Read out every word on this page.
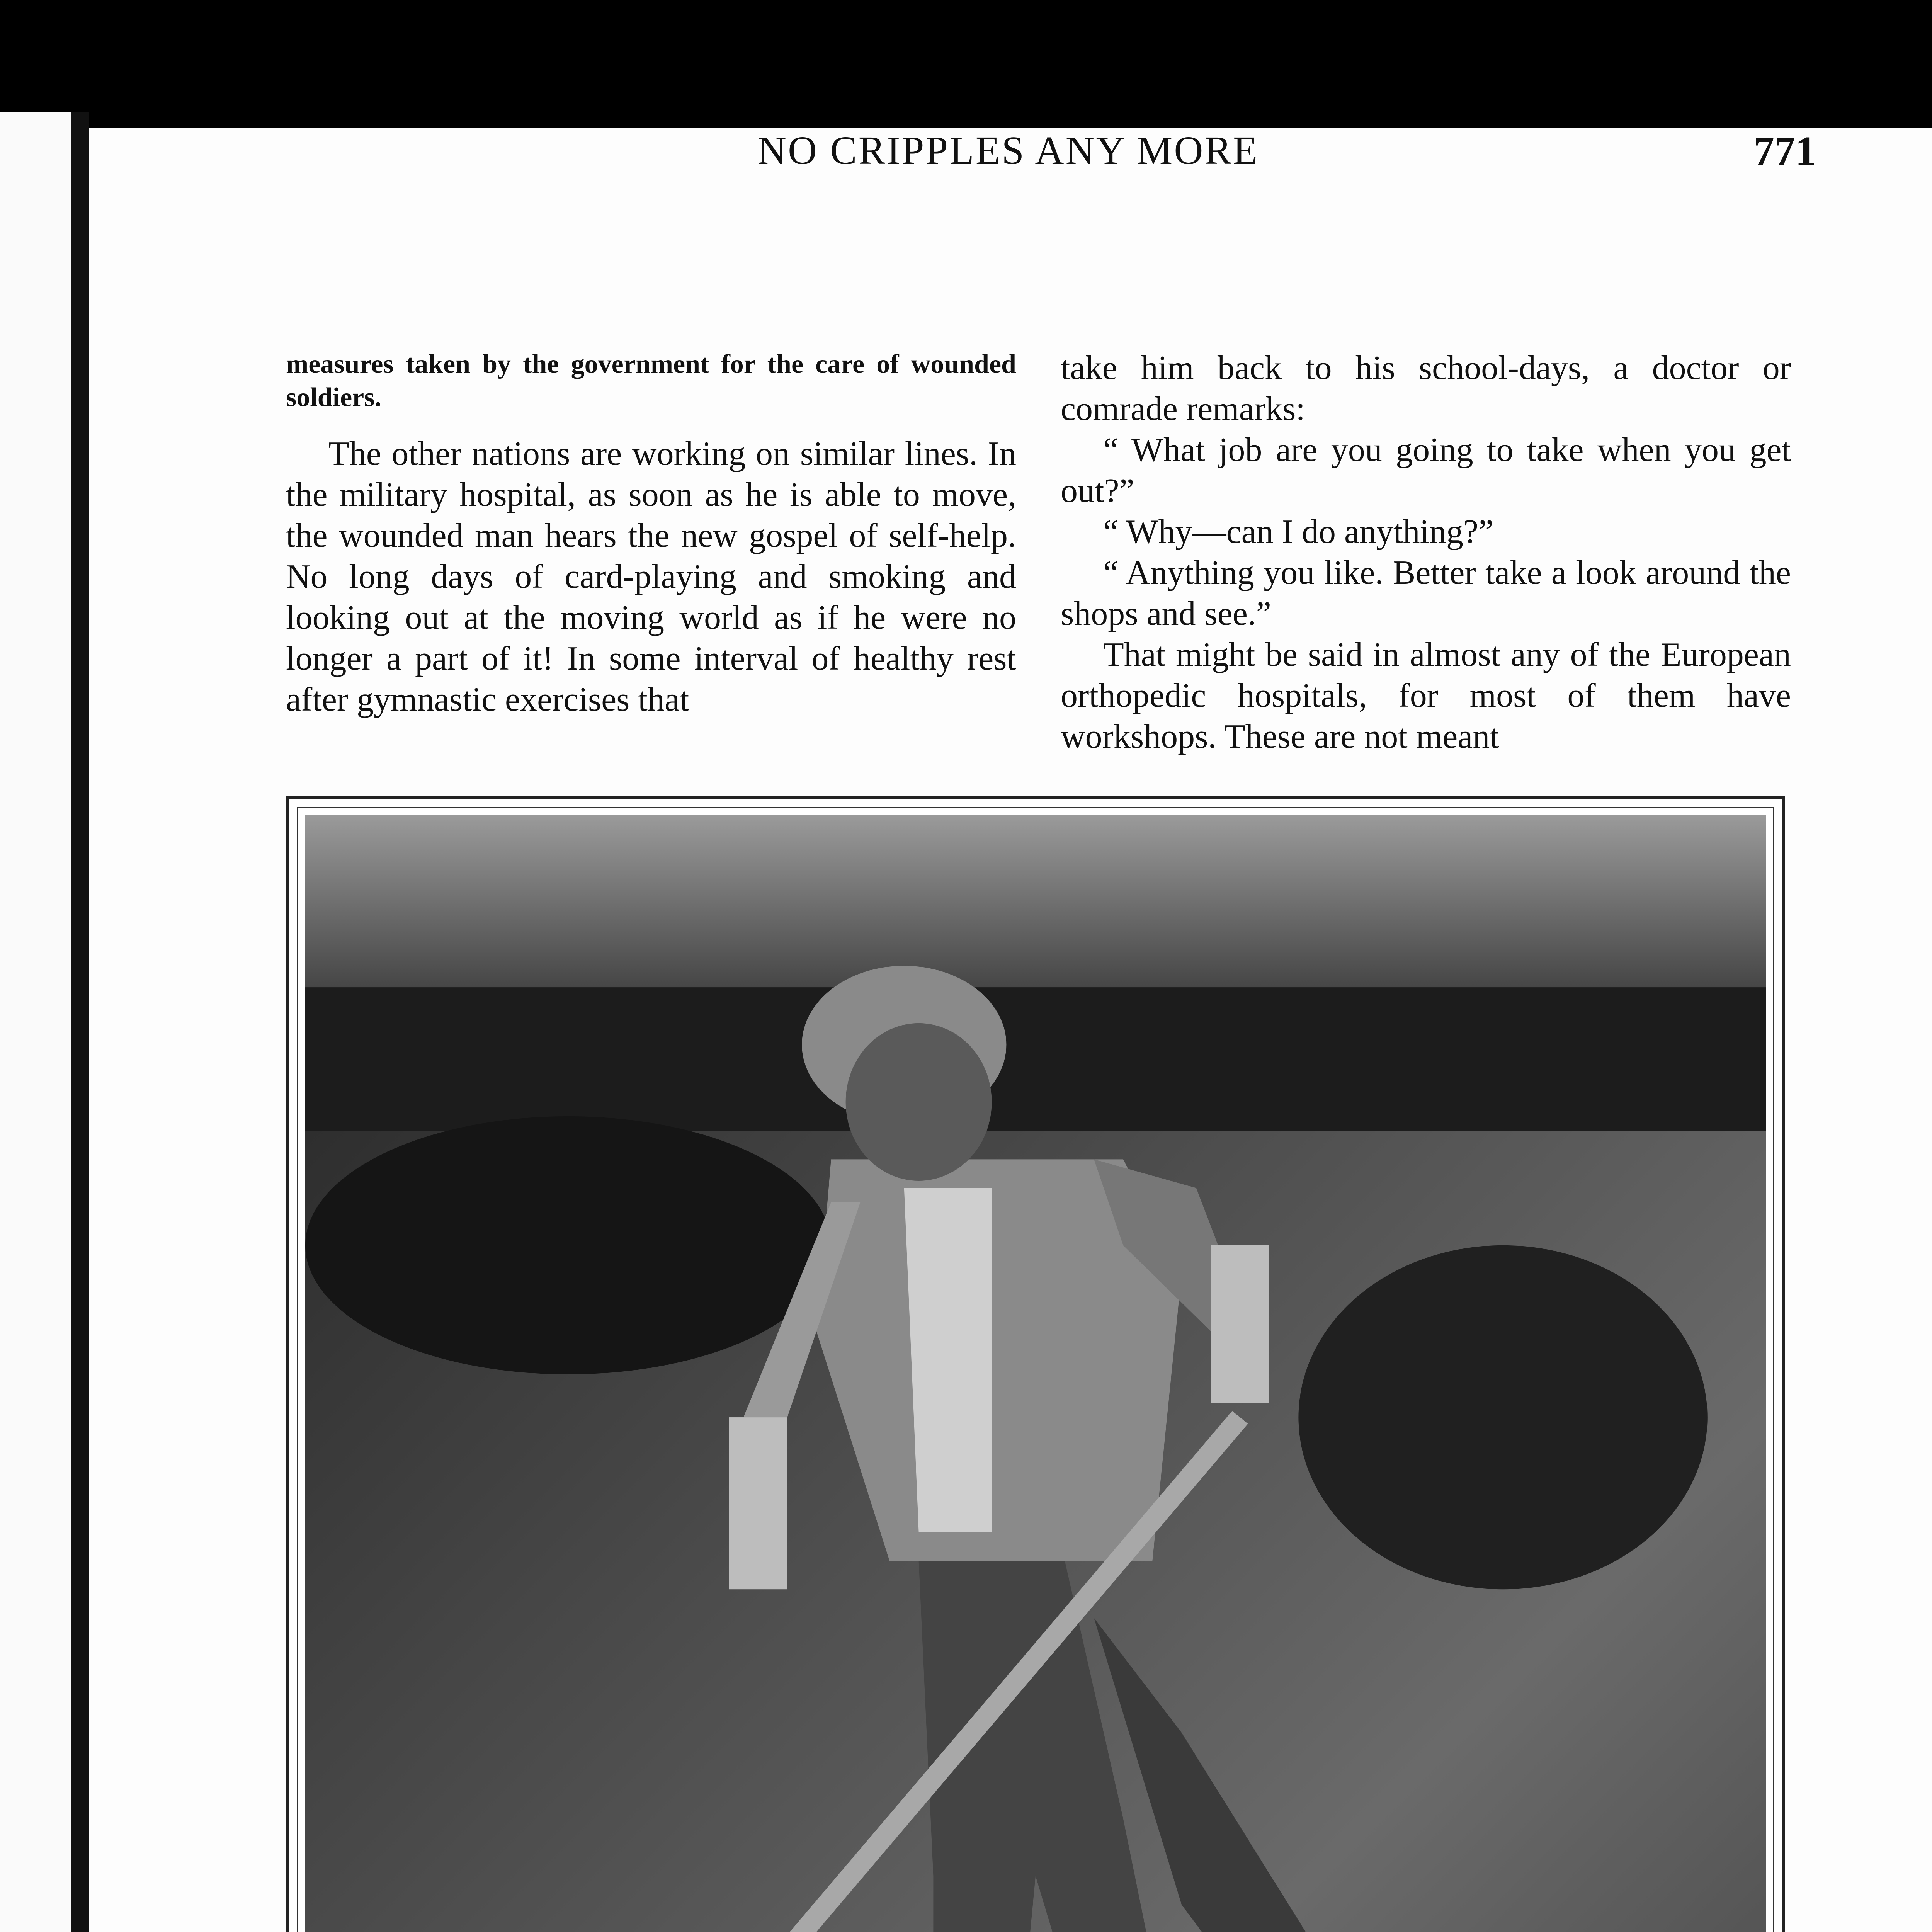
NO CRIPPLES ANY MORE	771

measures taken by the government for the care of wounded soldiers.

The other nations are working on similar lines. In the military hospital, as soon as he is able to move, the wounded man hears the new gospel of self-help. No long days of card-playing and smoking and looking out at the moving world as if he were no longer a part of it! In some interval of healthy rest after gymnastic exercises that

take him back to his school-days, a doctor or comrade remarks:

“ What job are you going to take when you get out?”

“ Why—can I do anything?”

“ Anything you like. Better take a look around the shops and see.”

That might be said in almost any of the European orthopedic hospitals, for most of them have workshops. These are not meant
